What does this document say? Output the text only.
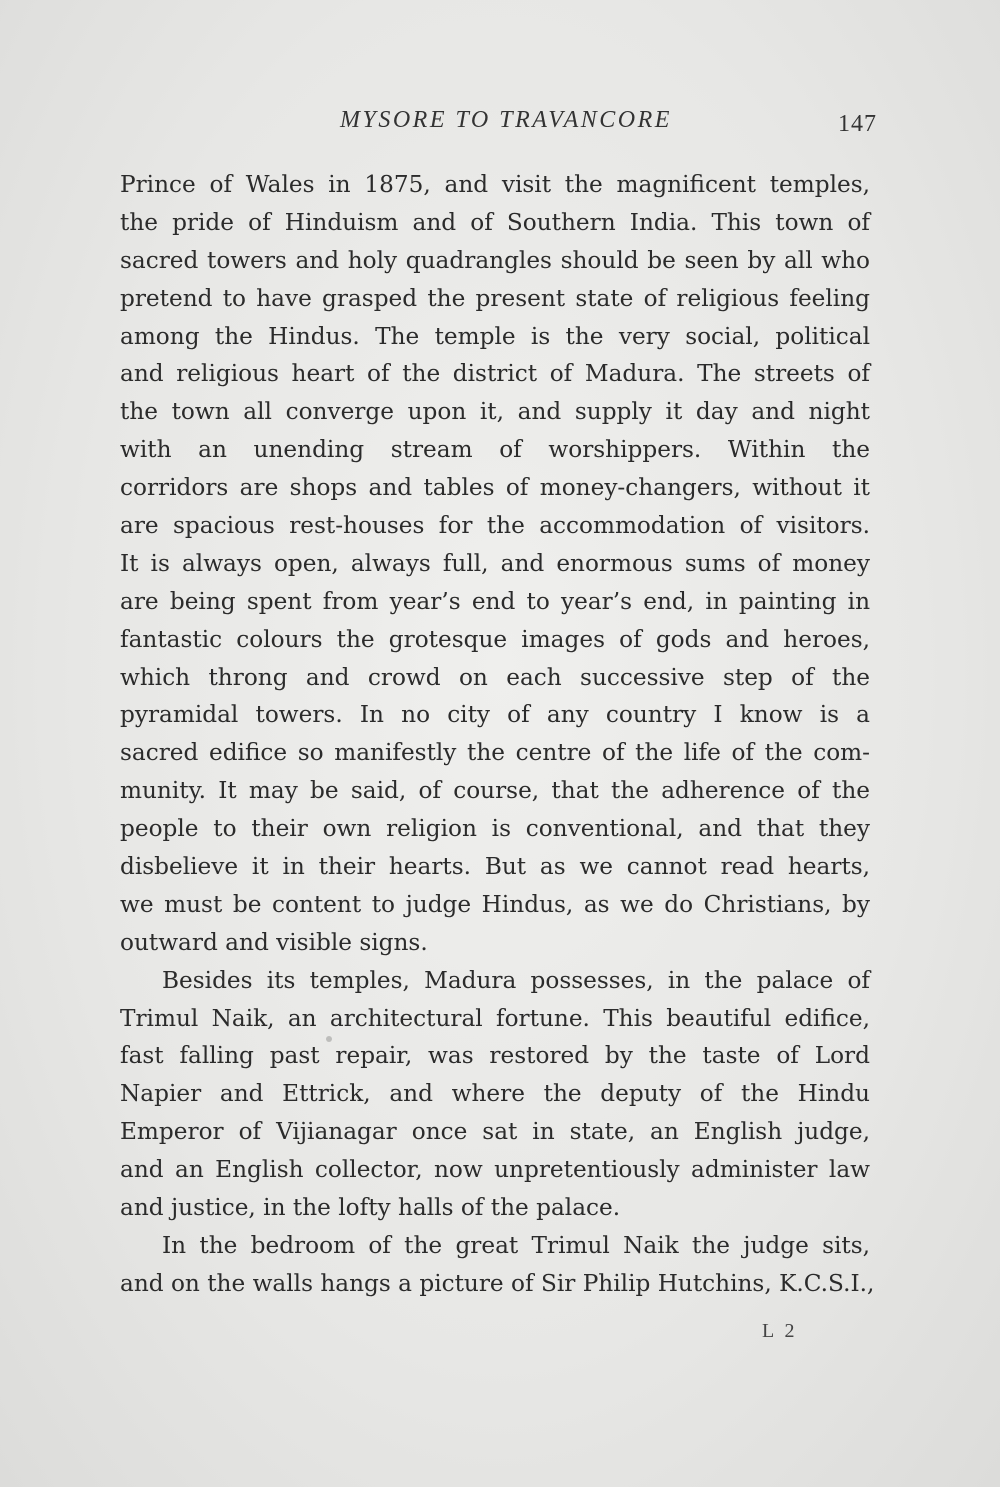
MYSORE TO TRAVANCORE	147
Prince of Wales in 1875, and visit the magnificent temples,
the pride of Hinduism and of Southern India. This town of
sacred towers and holy quadrangles should be seen by all who
pretend to have grasped the present state of religious feeling
among the Hindus. The temple is the very social, political
and religious heart of the district of Madura. The streets of
the town all converge upon it, and supply it day and night
with an unending stream of worshippers. Within the
corridors are shops and tables of money-changers, without it
are spacious rest-houses for the accommodation of visitors.
It is always open, always full, and enormous sums of money
are being spent from year’s end to year’s end, in painting in
fantastic colours the grotesque images of gods and heroes,
which throng and crowd on each successive step of the
pyramidal towers. In no city of any country I know is a
sacred edifice so manifestly the centre of the life of the com-
munity. It may be said, of course, that the adherence of the
people to their own religion is conventional, and that they
disbelieve it in their hearts. But as we cannot read hearts,
we must be content to judge Hindus, as we do Christians, by
outward and visible signs.
Besides its temples, Madura possesses, in the palace of
Trimul Naik, an architectural fortune. This beautiful edifice,
fast falling past repair, was restored by the taste of Lord
Napier and Ettrick, and where the deputy of the Hindu
Emperor of Vijianagar once sat in state, an English judge,
and an English collector, now unpretentiously administer law
and justice, in the lofty halls of the palace.
In the bedroom of the great Trimul Naik the judge sits,
and on the walls hangs a picture of Sir Philip Hutchins, K.C.S.I.,
L 2
